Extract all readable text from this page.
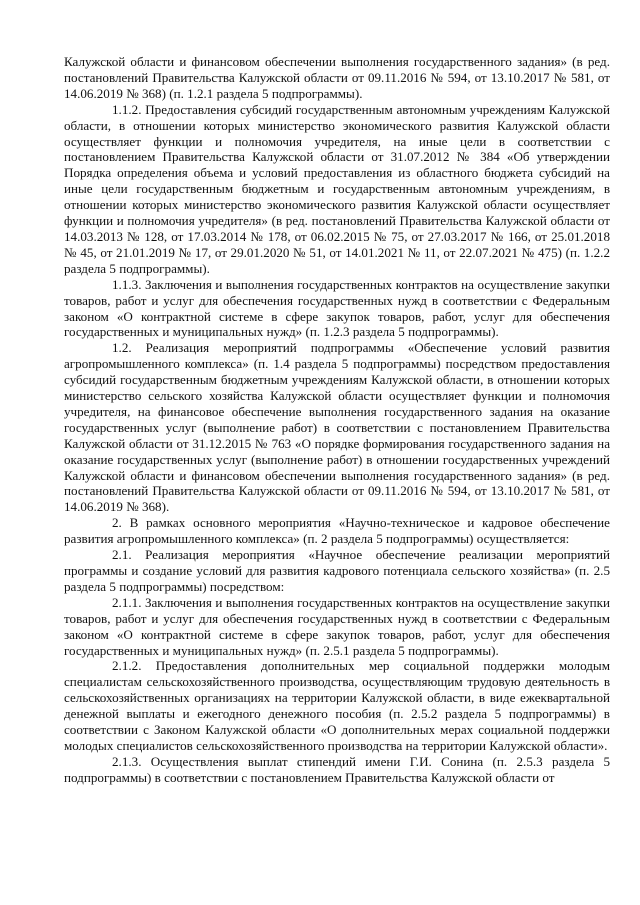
Калужской области и финансовом обеспечении выполнения государственного задания» (в ред. постановлений Правительства Калужской области от 09.11.2016 № 594, от 13.10.2017 № 581, от 14.06.2019 № 368) (п. 1.2.1 раздела 5 подпрограммы).

1.1.2. Предоставления субсидий государственным автономным учреждениям Калужской области, в отношении которых министерство экономического развития Калужской области осуществляет функции и полномочия учредителя, на иные цели в соответствии с постановлением Правительства Калужской области от 31.07.2012 № 384 «Об утверждении Порядка определения объема и условий предоставления из областного бюджета субсидий на иные цели государственным бюджетным и государственным автономным учреждениям, в отношении которых министерство экономического развития Калужской области осуществляет функции и полномочия учредителя» (в ред. постановлений Правительства Калужской области от 14.03.2013 № 128, от 17.03.2014 № 178, от 06.02.2015 № 75, от 27.03.2017 № 166, от 25.01.2018 № 45, от 21.01.2019 № 17, от 29.01.2020 № 51, от 14.01.2021 № 11, от 22.07.2021 № 475) (п. 1.2.2 раздела 5 подпрограммы).

1.1.3. Заключения и выполнения государственных контрактов на осуществление закупки товаров, работ и услуг для обеспечения государственных нужд в соответствии с Федеральным законом «О контрактной системе в сфере закупок товаров, работ, услуг для обеспечения государственных и муниципальных нужд» (п. 1.2.3 раздела 5 подпрограммы).

1.2. Реализация мероприятий подпрограммы «Обеспечение условий развития агропромышленного комплекса» (п. 1.4 раздела 5 подпрограммы) посредством предоставления субсидий государственным бюджетным учреждениям Калужской области, в отношении которых министерство сельского хозяйства Калужской области осуществляет функции и полномочия учредителя, на финансовое обеспечение выполнения государственного задания на оказание государственных услуг (выполнение работ) в соответствии с постановлением Правительства Калужской области от 31.12.2015 № 763 «О порядке формирования государственного задания на оказание государственных услуг (выполнение работ) в отношении государственных учреждений Калужской области и финансовом обеспечении выполнения государственного задания» (в ред. постановлений Правительства Калужской области от 09.11.2016 № 594, от 13.10.2017 № 581, от 14.06.2019 № 368).

2. В рамках основного мероприятия «Научно-техническое и кадровое обеспечение развития агропромышленного комплекса» (п. 2 раздела 5 подпрограммы) осуществляется:

2.1. Реализация мероприятия «Научное обеспечение реализации мероприятий программы и создание условий для развития кадрового потенциала сельского хозяйства» (п. 2.5 раздела 5 подпрограммы) посредством:

2.1.1. Заключения и выполнения государственных контрактов на осуществление закупки товаров, работ и услуг для обеспечения государственных нужд в соответствии с Федеральным законом «О контрактной системе в сфере закупок товаров, работ, услуг для обеспечения государственных и муниципальных нужд» (п. 2.5.1 раздела 5 подпрограммы).

2.1.2. Предоставления дополнительных мер социальной поддержки молодым специалистам сельскохозяйственного производства, осуществляющим трудовую деятельность в сельскохозяйственных организациях на территории Калужской области, в виде ежеквартальной денежной выплаты и ежегодного денежного пособия (п. 2.5.2 раздела 5 подпрограммы) в соответствии с Законом Калужской области «О дополнительных мерах социальной поддержки молодых специалистов сельскохозяйственного производства на территории Калужской области».

2.1.3. Осуществления выплат стипендий имени Г.И. Сонина (п. 2.5.3 раздела 5 подпрограммы) в соответствии с постановлением Правительства Калужской области от
